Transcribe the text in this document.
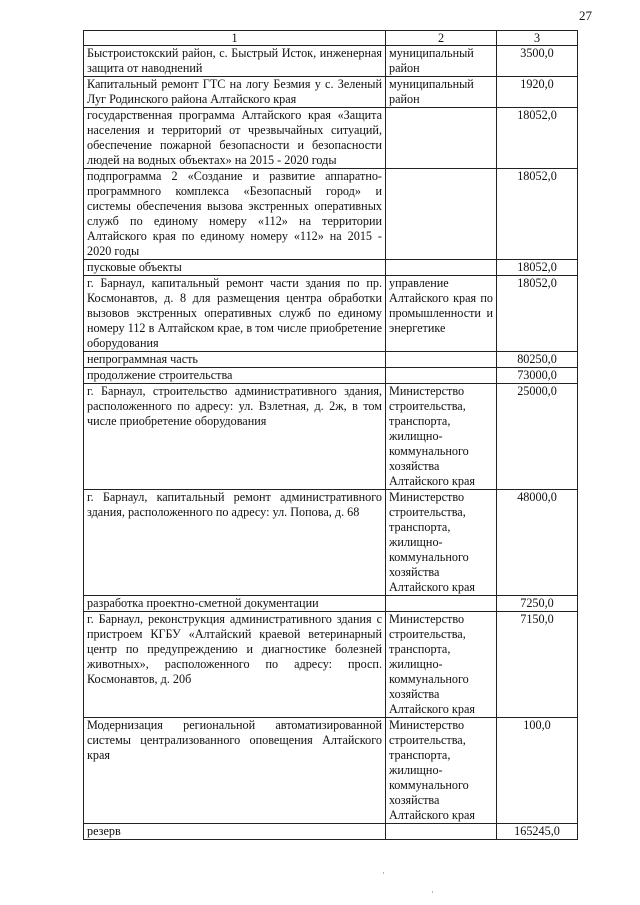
27
1	2	3
Быстроистокский район, с. Быстрый Исток, инженерная защита от наводнений	муниципальный район	3500,0
Капитальный ремонт ГТС на логу Безмия у с. Зеленый Луг Родинского района Алтайского края	муниципальный район	1920,0
государственная программа Алтайского края «Защита населения и территорий от чрезвычайных ситуаций, обеспечение пожарной безопасности и безопасности людей на водных объектах» на 2015 - 2020 годы		18052,0
подпрограмма 2 «Создание и развитие аппаратно-программного комплекса «Безопасный город» и системы обеспечения вызова экстренных оперативных служб по единому номеру «112» на территории Алтайского края по единому номеру «112» на 2015 - 2020 годы		18052,0
пусковые объекты		18052,0
г. Барнаул, капитальный ремонт части здания по пр. Космонавтов, д. 8 для размещения центра обработки вызовов экстренных оперативных служб по единому номеру 112 в Алтайском крае, в том числе приобретение оборудования	управление Алтайского края по промышленности и энергетике	18052,0
непрограммная часть		80250,0
продолжение строительства		73000,0
г. Барнаул, строительство административного здания, расположенного по адресу: ул. Взлетная, д. 2ж, в том числе приобретение оборудования	Министерство строительства, транспорта, жилищно-коммунального хозяйства Алтайского края	25000,0
г. Барнаул, капитальный ремонт административного здания, расположенного по адресу: ул. Попова, д. 68	Министерство строительства, транспорта, жилищно-коммунального хозяйства Алтайского края	48000,0
разработка проектно-сметной документации		7250,0
г. Барнаул, реконструкция административного здания с пристроем КГБУ «Алтайский краевой ветеринарный центр по предупреждению и диагностике болезней животных», расположенного по адресу: просп. Космонавтов, д. 20б	Министерство строительства, транспорта, жилищно-коммунального хозяйства Алтайского края	7150,0
Модернизация региональной автоматизированной системы централизованного оповещения Алтайского края	Министерство строительства, транспорта, жилищно-коммунального хозяйства Алтайского края	100,0
резерв		165245,0
·
·
